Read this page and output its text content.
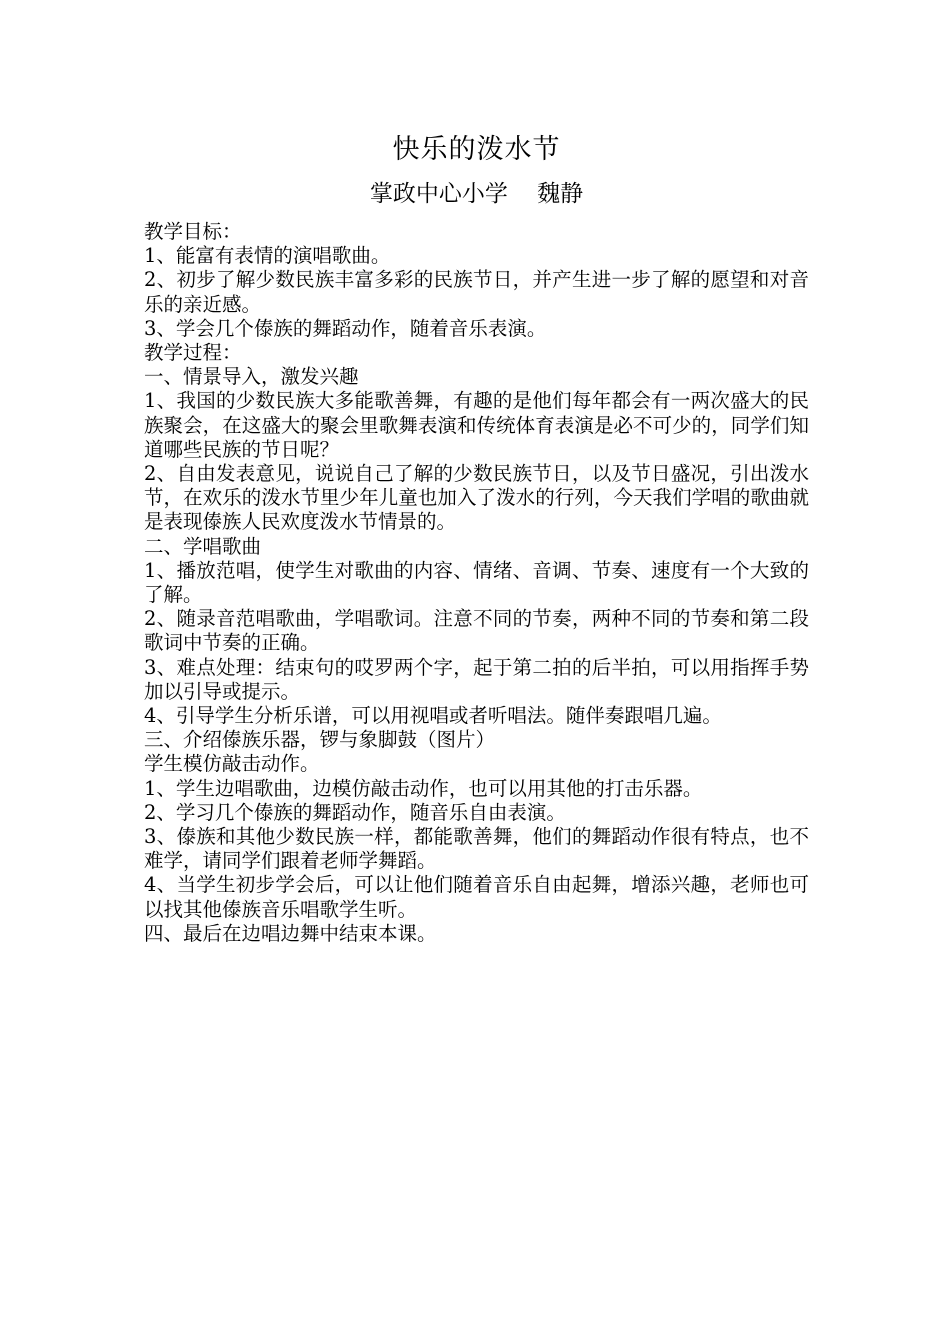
快乐的泼水节
掌政中心小学    魏静

教学目标：

1、能富有表情的演唱歌曲。

2、初步了解少数民族丰富多彩的民族节日，并产生进一步了解的愿望和对音乐的亲近感。

3、学会几个傣族的舞蹈动作，随着音乐表演。

教学过程：

一、情景导入，激发兴趣

1、我国的少数民族大多能歌善舞，有趣的是他们每年都会有一两次盛大的民族聚会，在这盛大的聚会里歌舞表演和传统体育表演是必不可少的，同学们知道哪些民族的节日呢？

2、自由发表意见，说说自己了解的少数民族节日，以及节日盛况，引出泼水节，在欢乐的泼水节里少年儿童也加入了泼水的行列，今天我们学唱的歌曲就是表现傣族人民欢度泼水节情景的。

二、学唱歌曲

1、播放范唱，使学生对歌曲的内容、情绪、音调、节奏、速度有一个大致的了解。

2、随录音范唱歌曲，学唱歌词。注意不同的节奏，两种不同的节奏和第二段歌词中节奏的正确。

3、难点处理：结束句的哎罗两个字，起于第二拍的后半拍，可以用指挥手势加以引导或提示。

4、引导学生分析乐谱，可以用视唱或者听唱法。随伴奏跟唱几遍。

三、介绍傣族乐器，锣与象脚鼓（图片）

学生模仿敲击动作。

1、学生边唱歌曲，边模仿敲击动作，也可以用其他的打击乐器。

2、学习几个傣族的舞蹈动作，随音乐自由表演。

3、傣族和其他少数民族一样，都能歌善舞，他们的舞蹈动作很有特点，也不难学，请同学们跟着老师学舞蹈。

4、当学生初步学会后，可以让他们随着音乐自由起舞，增添兴趣，老师也可以找其他傣族音乐唱歌学生听。

四、最后在边唱边舞中结束本课。
